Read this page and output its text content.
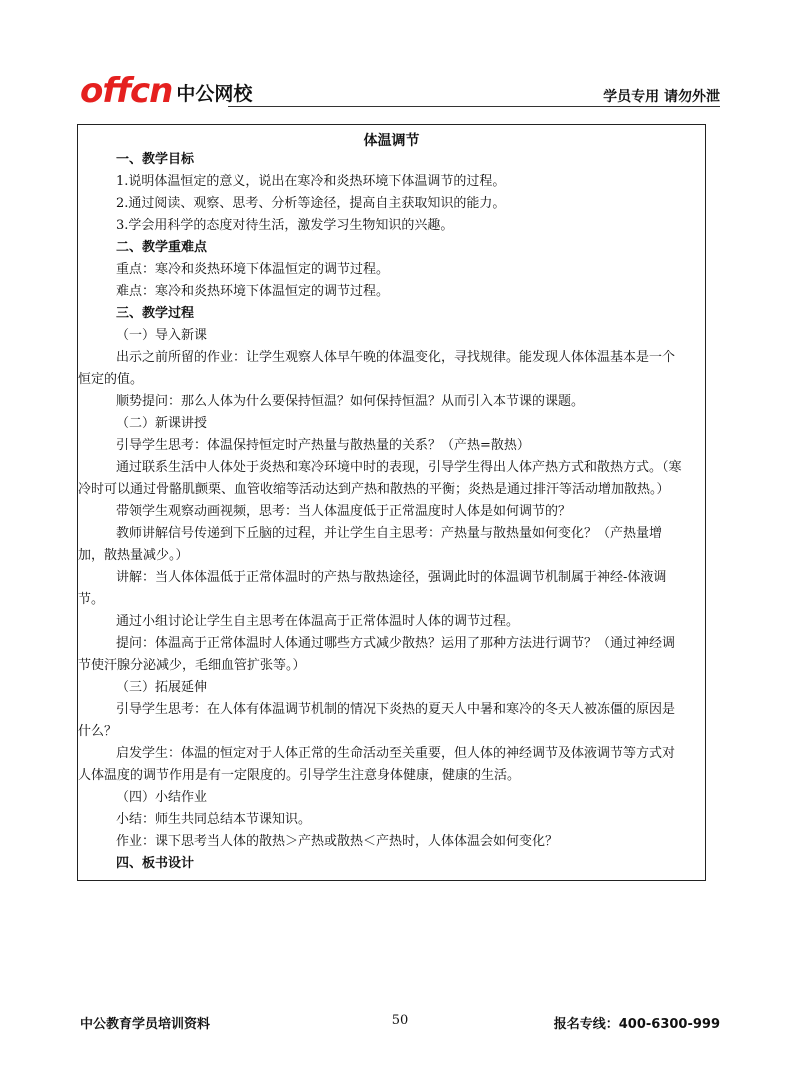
offcn 中公网校	学员专用 请勿外泄
体温调节

一、教学目标

1.说明体温恒定的意义，说出在寒冷和炎热环境下体温调节的过程。

2.通过阅读、观察、思考、分析等途径，提高自主获取知识的能力。

3.学会用科学的态度对待生活，激发学习生物知识的兴趣。

二、教学重难点

重点：寒冷和炎热环境下体温恒定的调节过程。

难点：寒冷和炎热环境下体温恒定的调节过程。

三、教学过程

（一）导入新课

出示之前所留的作业：让学生观察人体早午晚的体温变化，寻找规律。能发现人体体温基本是一个恒定的值。

顺势提问：那么人体为什么要保持恒温？如何保持恒温？从而引入本节课的课题。

（二）新课讲授

引导学生思考：体温保持恒定时产热量与散热量的关系？（产热=散热）

通过联系生活中人体处于炎热和寒冷环境中时的表现，引导学生得出人体产热方式和散热方式。（寒冷时可以通过骨骼肌颤栗、血管收缩等活动达到产热和散热的平衡；炎热是通过排汗等活动增加散热。）

带领学生观察动画视频，思考：当人体温度低于正常温度时人体是如何调节的？

教师讲解信号传递到下丘脑的过程，并让学生自主思考：产热量与散热量如何变化？（产热量增加，散热量减少。）

讲解：当人体体温低于正常体温时的产热与散热途径，强调此时的体温调节机制属于神经-体液调节。

通过小组讨论让学生自主思考在体温高于正常体温时人体的调节过程。

提问：体温高于正常体温时人体通过哪些方式减少散热？运用了那种方法进行调节？（通过神经调节使汗腺分泌减少，毛细血管扩张等。）

（三）拓展延伸

引导学生思考：在人体有体温调节机制的情况下炎热的夏天人中暑和寒冷的冬天人被冻僵的原因是什么？

启发学生：体温的恒定对于人体正常的生命活动至关重要，但人体的神经调节及体液调节等方式对人体温度的调节作用是有一定限度的。引导学生注意身体健康，健康的生活。

（四）小结作业

小结：师生共同总结本节课知识。

作业：课下思考当人体的散热＞产热或散热＜产热时，人体体温会如何变化？

四、板书设计

中公教育学员培训资料	50	报名专线：400-6300-999
